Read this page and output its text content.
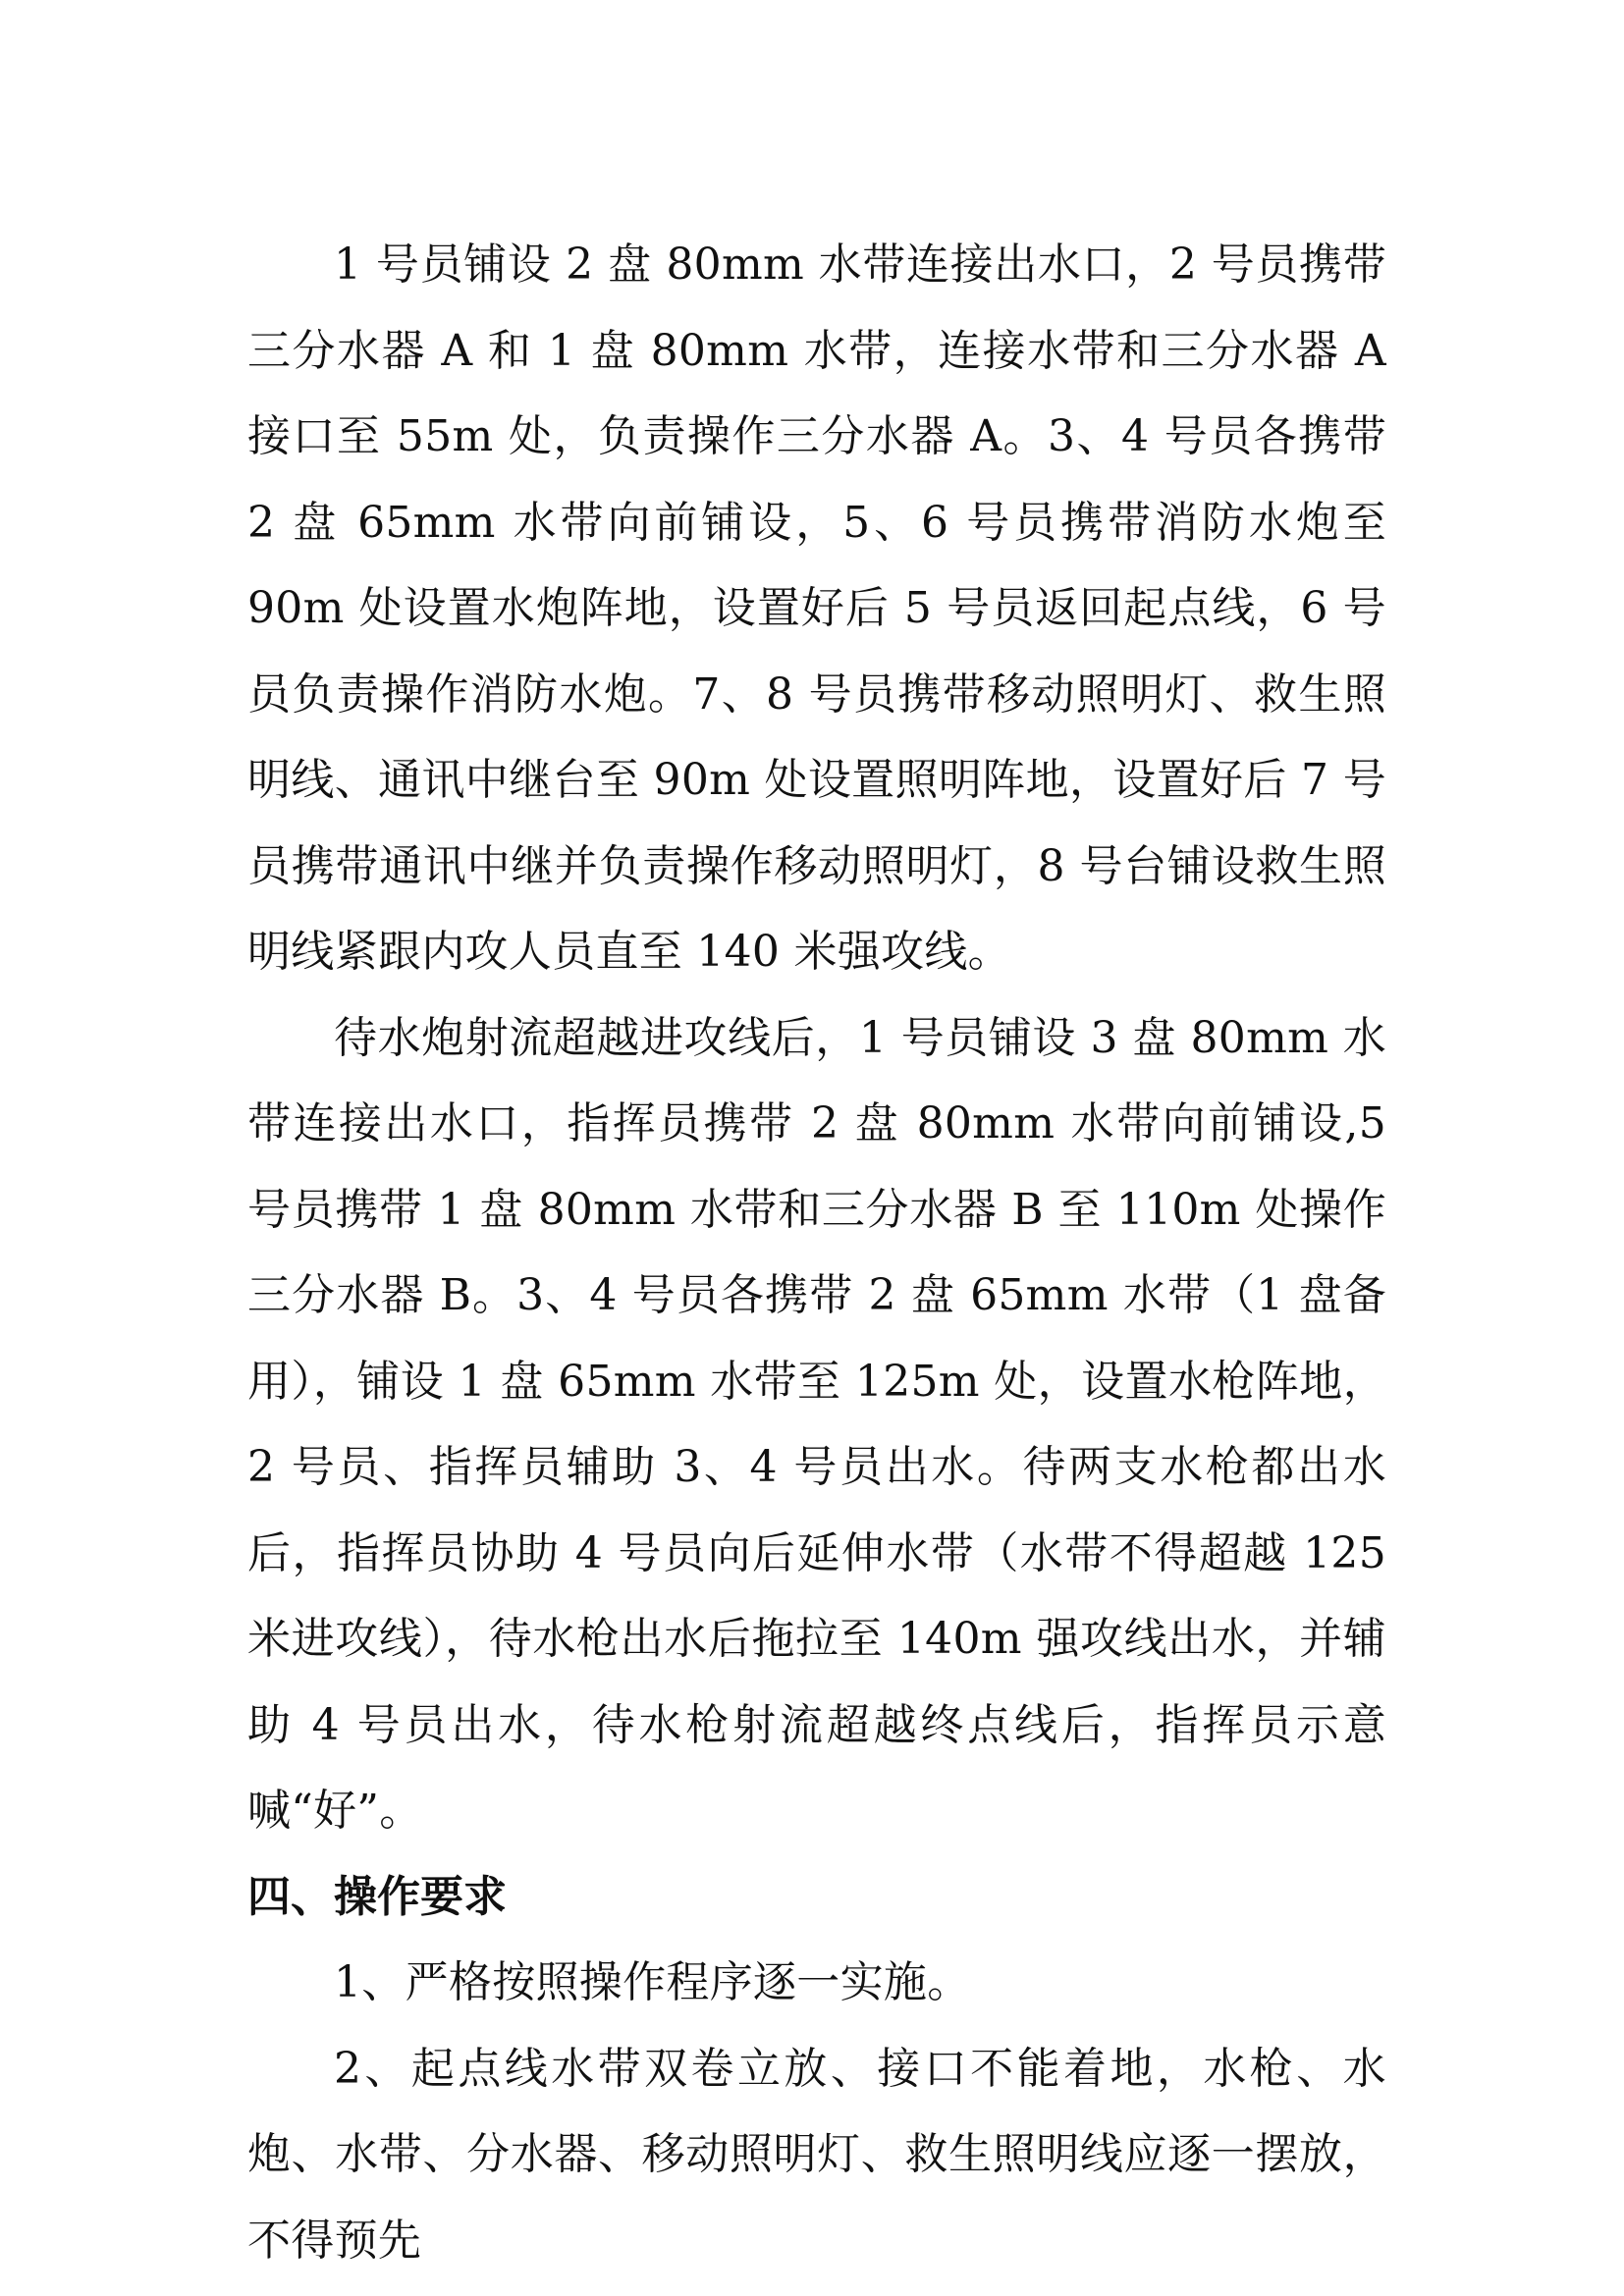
1 号员铺设 2 盘 80mm 水带连接出水口，2 号员携带三分水器 A 和 1 盘 80mm 水带，连接水带和三分水器 A 接口至 55m 处，负责操作三分水器 A。3、4 号员各携带 2 盘 65mm 水带向前铺设，5、6 号员携带消防水炮至 90m 处设置水炮阵地，设置好后 5 号员返回起点线，6 号员负责操作消防水炮。7、8 号员携带移动照明灯、救生照明线、通讯中继台至 90m 处设置照明阵地，设置好后 7 号员携带通讯中继并负责操作移动照明灯，8 号台铺设救生照明线紧跟内攻人员直至 140 米强攻线。

待水炮射流超越进攻线后，1 号员铺设 3 盘 80mm 水带连接出水口，指挥员携带 2 盘 80mm 水带向前铺设,5 号员携带 1 盘 80mm 水带和三分水器 B 至 110m 处操作三分水器 B。3、4 号员各携带 2 盘 65mm 水带（1 盘备用），铺设 1 盘 65mm 水带至 125m 处，设置水枪阵地，2 号员、指挥员辅助 3、4 号员出水。待两支水枪都出水后，指挥员协助 4 号员向后延伸水带（水带不得超越 125 米进攻线），待水枪出水后拖拉至 140m 强攻线出水，并辅助 4 号员出水，待水枪射流超越终点线后，指挥员示意喊“好”。

四、操作要求

1、严格按照操作程序逐一实施。

2、起点线水带双卷立放、接口不能着地，水枪、水炮、水带、分水器、移动照明灯、救生照明线应逐一摆放，不得预先
